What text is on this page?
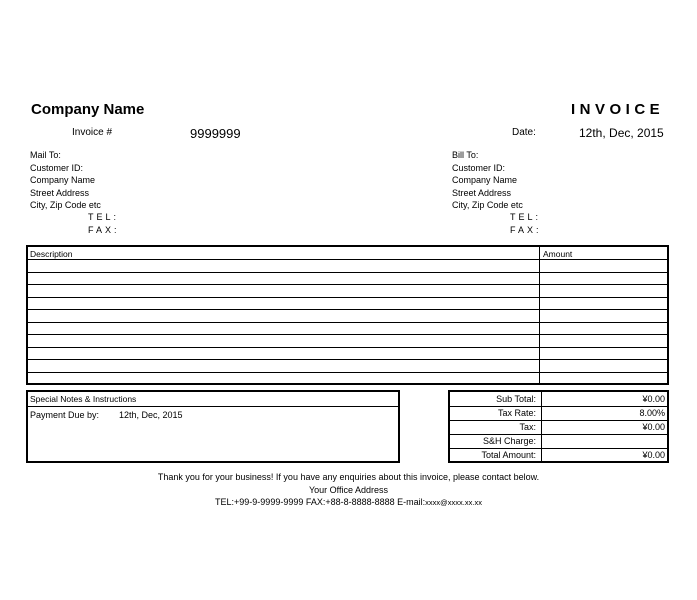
Company Name	INVOICE
Invoice #	9999999	Date:	12th, Dec, 2015
Mail To:
Customer ID:
Company Name
Street Address
City, Zip Code etc
TEL:
FAX:
Bill To:
Customer ID:
Company Name
Street Address
City, Zip Code etc
TEL:
FAX:
Description	Amount
Special Notes & Instructions
Payment Due by: 12th, Dec, 2015
Sub Total:	¥0.00
Tax Rate:	8.00%
Tax:	¥0.00
S&H Charge:
Total Amount:	¥0.00
Thank you for your business! If you have any enquiries about this invoice, please contact below.
Your Office Address
TEL:+99-9-9999-9999 FAX:+88-8-8888-8888 E-mail:xxxx@xxxx.xx.xx
